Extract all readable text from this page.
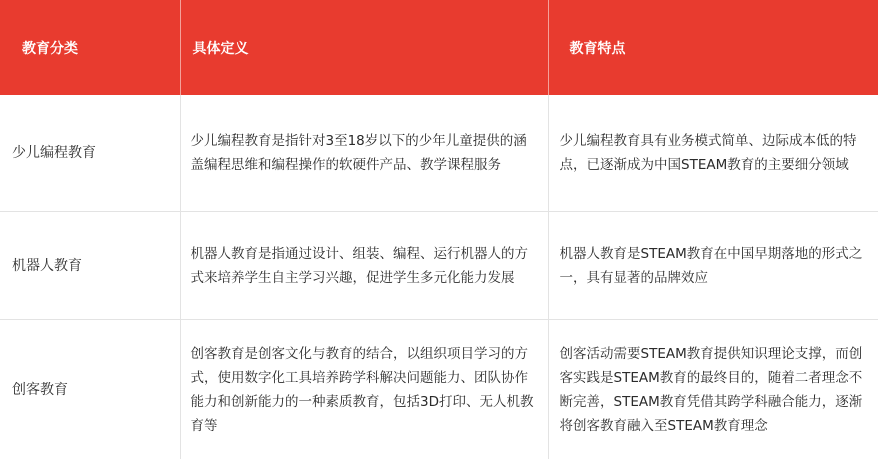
教育分类	具体定义	教育特点
少儿编程教育	少儿编程教育是指针对3至18岁以下的少年儿童提供的涵盖编程思维和编程操作的软硬件产品、教学课程服务	少儿编程教育具有业务模式简单、边际成本低的特点，已逐渐成为中国STEAM教育的主要细分领域
机器人教育	机器人教育是指通过设计、组装、编程、运行机器人的方式来培养学生自主学习兴趣，促进学生多元化能力发展	机器人教育是STEAM教育在中国早期落地的形式之一，具有显著的品牌效应
创客教育	创客教育是创客文化与教育的结合，以组织项目学习的方式，使用数字化工具培养跨学科解决问题能力、团队协作能力和创新能力的一种素质教育，包括3D打印、无人机教育等	创客活动需要STEAM教育提供知识理论支撑，而创客实践是STEAM教育的最终目的，随着二者理念不断完善，STEAM教育凭借其跨学科融合能力，逐渐将创客教育融入至STEAM教育理念
